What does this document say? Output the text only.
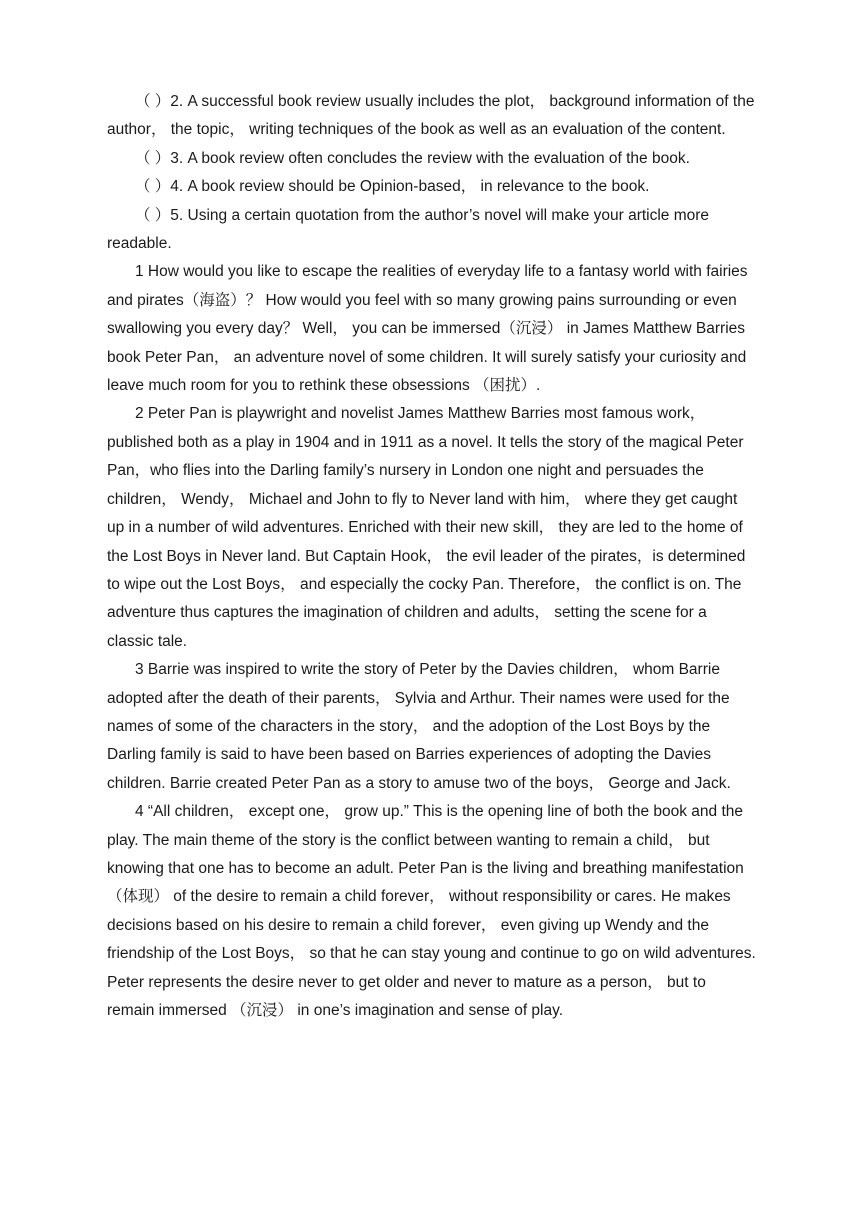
（ ）2. A successful book review usually includes the plot， background information of the author， the topic， writing techniques of the book as well as an evaluation of the content.

（ ）3. A book review often concludes the review with the evaluation of the book.

（ ）4. A book review should be Opinion-based， in relevance to the book.

（ ）5. Using a certain quotation from the author’s novel will make your article more readable.

1 How would you like to escape the realities of everyday life to a fantasy world with fairies and pirates（海盗）？ How would you feel with so many growing pains surrounding or even swallowing you every day？ Well， you can be immersed（沉浸） in James Matthew Barries book Peter Pan， an adventure novel of some children. It will surely satisfy your curiosity and leave much room for you to rethink these obsessions （困扰）.

2 Peter Pan is playwright and novelist James Matthew Barries most famous work，published both as a play in 1904 and in 1911 as a novel. It tells the story of the magical Peter Pan，who flies into the Darling family’s nursery in London one night and persuades the children， Wendy， Michael and John to fly to Never land with him， where they get caught up in a number of wild adventures. Enriched with their new skill， they are led to the home of the Lost Boys in Never land. But Captain Hook， the evil leader of the pirates，is determined to wipe out the Lost Boys， and especially the cocky Pan. Therefore， the conflict is on. The adventure thus captures the imagination of children and adults， setting the scene for a classic tale.

3 Barrie was inspired to write the story of Peter by the Davies children， whom Barrie adopted after the death of their parents， Sylvia and Arthur. Their names were used for the names of some of the characters in the story， and the adoption of the Lost Boys by the Darling family is said to have been based on Barries experiences of adopting the Davies children. Barrie created Peter Pan as a story to amuse two of the boys， George and Jack.

4 “All children， except one， grow up.” This is the opening line of both the book and the play. The main theme of the story is the conflict between wanting to remain a child， but knowing that one has to become an adult. Peter Pan is the living and breathing manifestation （体现） of the desire to remain a child forever， without responsibility or cares. He makes decisions based on his desire to remain a child forever， even giving up Wendy and the friendship of the Lost Boys， so that he can stay young and continue to go on wild adventures. Peter represents the desire never to get older and never to mature as a person， but to remain immersed （沉浸） in one’s imagination and sense of play.
